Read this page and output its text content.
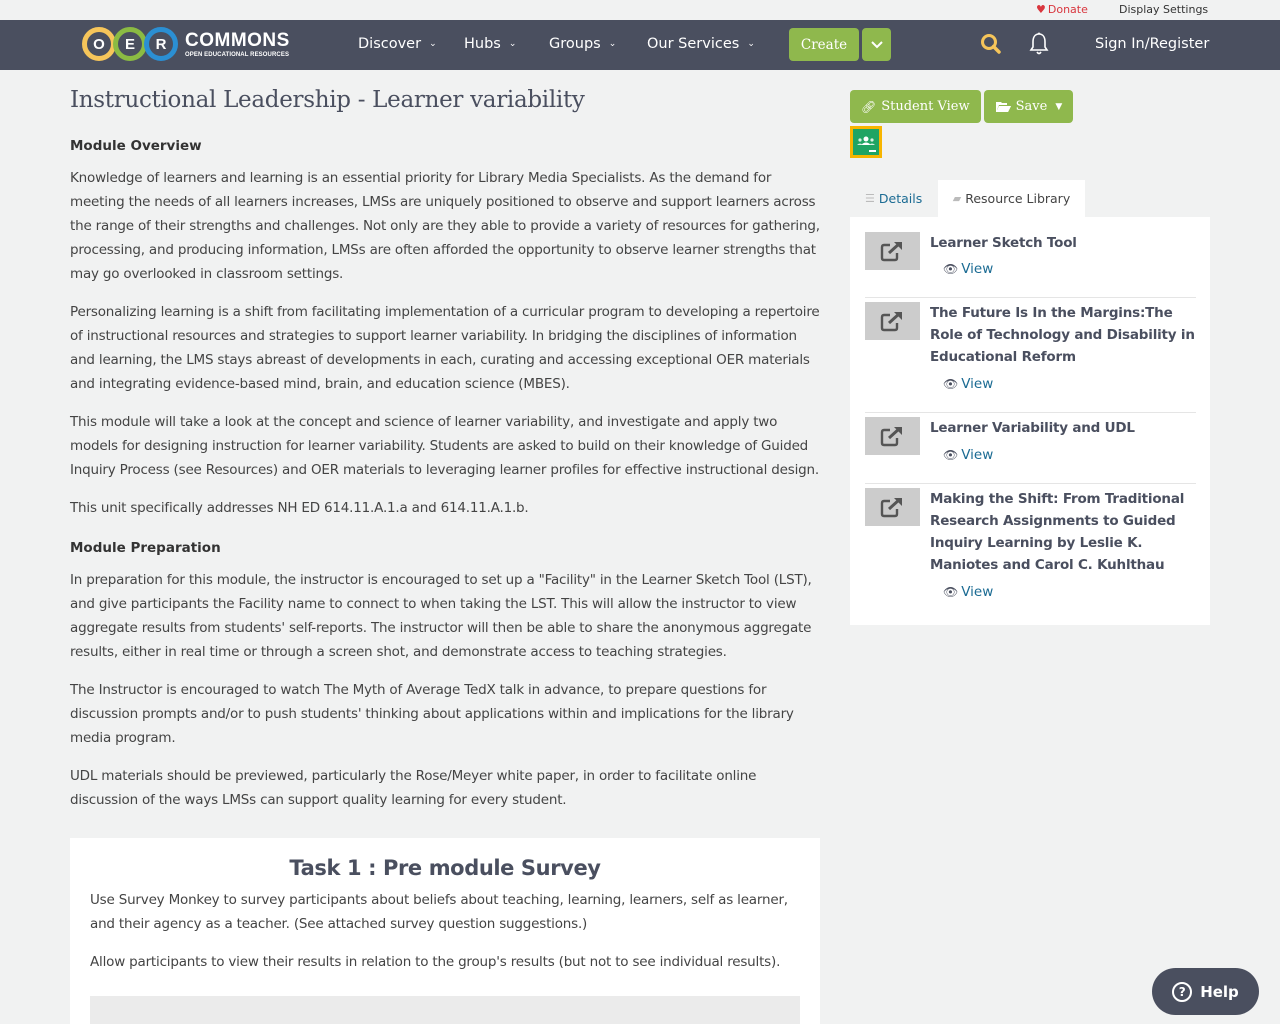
♥ Donate	Display Settings
O	E	R COMMONS
OPEN EDUCATIONAL RESOURCES
Discover ⌄ Hubs ⌄ Groups ⌄ Our Services ⌄	Create	Sign In/Register
Instructional Leadership - Learner variability
Module Overview

Knowledge of learners and learning is an essential priority for Library Media Specialists. As the demand for meeting the needs of all learners increases, LMSs are uniquely positioned to observe and support learners across the range of their strengths and challenges. Not only are they able to provide a variety of resources for gathering, processing, and producing information, LMSs are often afforded the opportunity to observe learner strengths that may go overlooked in classroom settings.

Personalizing learning is a shift from facilitating implementation of a curricular program to developing a repertoire of instructional resources and strategies to support learner variability. In bridging the disciplines of information and learning, the LMS stays abreast of developments in each, curating and accessing exceptional OER materials and integrating evidence-based mind, brain, and education science (MBES).

This module will take a look at the concept and science of learner variability, and investigate and apply two models for designing instruction for learner variability. Students are asked to build on their knowledge of Guided Inquiry Process (see Resources) and OER materials to leveraging learner profiles for effective instructional design.

This unit specifically addresses NH ED 614.11.A.1.a and 614.11.A.1.b.

Module Preparation

In preparation for this module, the instructor is encouraged to set up a "Facility" in the Learner Sketch Tool (LST), and give participants the Facility name to connect to when taking the LST. This will allow the instructor to view aggregate results from students' self-reports. The instructor will then be able to share the anonymous aggregate results, either in real time or through a screen shot, and demonstrate access to teaching strategies.

The Instructor is encouraged to watch The Myth of Average TedX talk in advance, to prepare questions for discussion prompts and/or to push students' thinking about applications within and implications for the library media program.

UDL materials should be previewed, particularly the Rose/Meyer white paper, in order to facilitate online discussion of the ways LMSs can support quality learning for every student.

Task 1 : Pre module Survey

Use Survey Monkey to survey participants about beliefs about teaching, learning, learners, self as learner, and their agency as a teacher. (See attached survey question suggestions.)

Allow participants to view their results in relation to the group's results (but not to see individual results).

🔗︎ Student View	Save ▼
☰ Details	▰ Resource Library
Learner Sketch Tool
👁︎ View
The Future Is In the Margins:The Role of Technology and Disability in Educational Reform
👁︎ View
Learner Variability and UDL
👁︎ View
Making the Shift: From Traditional Research Assignments to Guided Inquiry Learning by Leslie K. Maniotes and Carol C. Kuhlthau
👁︎ View
? Help
